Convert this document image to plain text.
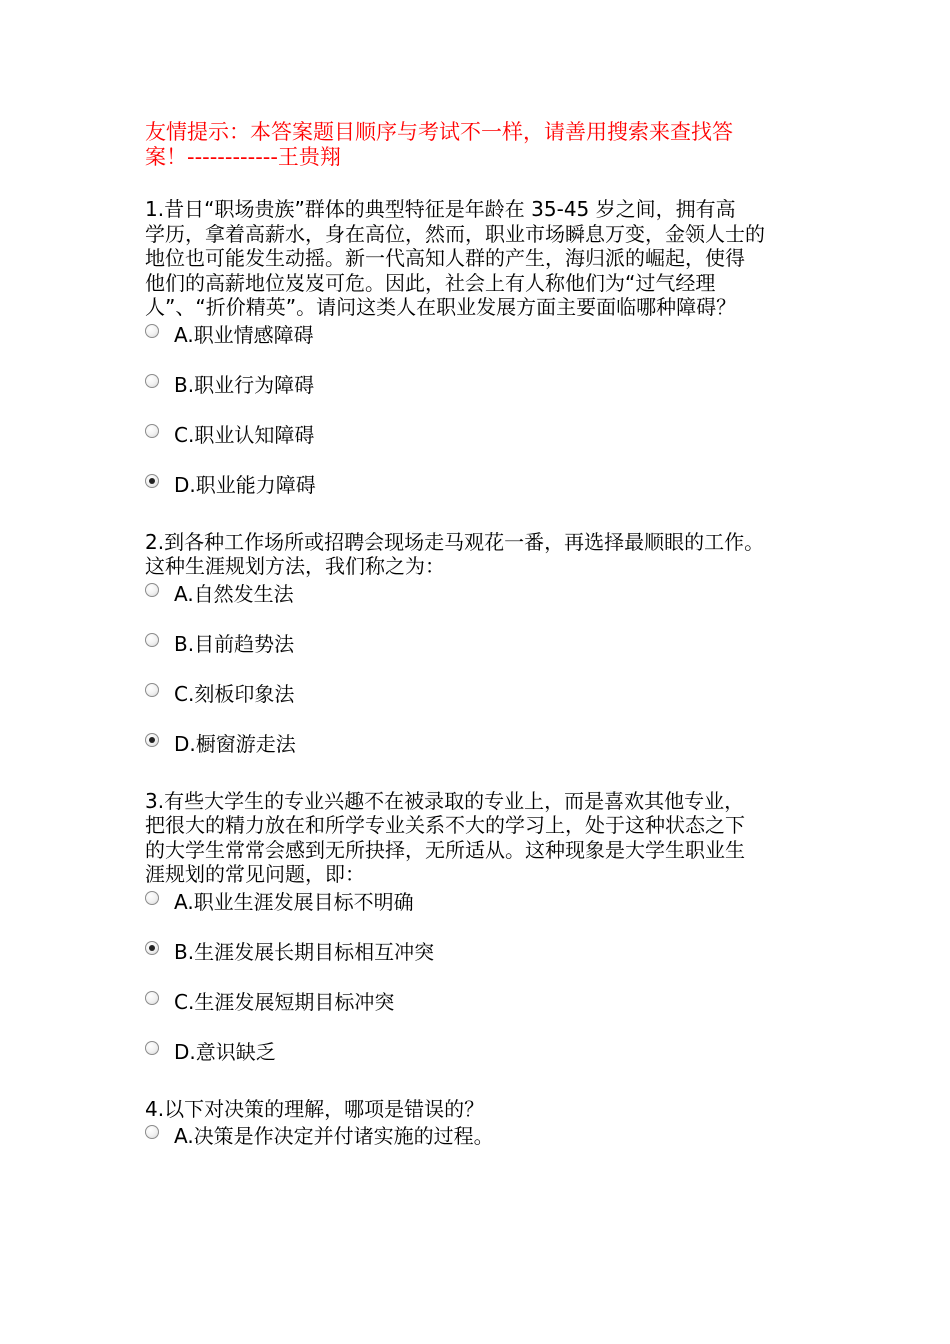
友情提示：本答案题目顺序与考试不一样，请善用搜索来查找答
案！------------王贵翔
1.昔日“职场贵族”群体的典型特征是年龄在 35-45 岁之间，拥有高
学历，拿着高薪水，身在高位，然而，职业市场瞬息万变，金领人士的
地位也可能发生动摇。新一代高知人群的产生，海归派的崛起，使得
他们的高薪地位岌岌可危。因此，社会上有人称他们为“过气经理
人”、“折价精英”。请问这类人在职业发展方面主要面临哪种障碍？
A.职业情感障碍
B.职业行为障碍
C.职业认知障碍
D.职业能力障碍
2.到各种工作场所或招聘会现场走马观花一番，再选择最顺眼的工作。
这种生涯规划方法，我们称之为：
A.自然发生法
B.目前趋势法
C.刻板印象法
D.橱窗游走法
3.有些大学生的专业兴趣不在被录取的专业上，而是喜欢其他专业，
把很大的精力放在和所学专业关系不大的学习上，处于这种状态之下
的大学生常常会感到无所抉择，无所适从。这种现象是大学生职业生
涯规划的常见问题，即：
A.职业生涯发展目标不明确
B.生涯发展长期目标相互冲突
C.生涯发展短期目标冲突
D.意识缺乏
4.以下对决策的理解，哪项是错误的？
A.决策是作决定并付诸实施的过程。
